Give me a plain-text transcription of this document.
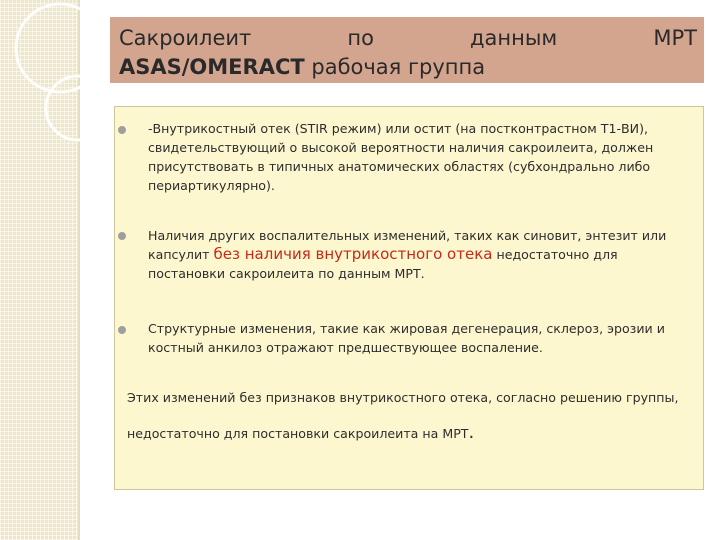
Сакроилеит	по	данным	МРТ
ASAS/OMERACT рабочая группа

-Внутрикостный отек (STIR режим) или остит (на постконтрастном Т1-ВИ), свидетельствующий о высокой вероятности наличия сакроилеита, должен присутствовать в типичных анатомических областях (субхондрально либо периартикулярно).

Наличия других воспалительных изменений, таких как синовит, энтезит или капсулит без наличия внутрикостного отека недостаточно для постановки сакроилеита по данным МРТ.

Структурные изменения, такие как жировая дегенерация, склероз, эрозии и костный анкилоз отражают предшествующее воспаление.

Этих изменений без признаков внутрикостного отека, согласно решению группы,
недостаточно для постановки сакроилеита на МРТ.
